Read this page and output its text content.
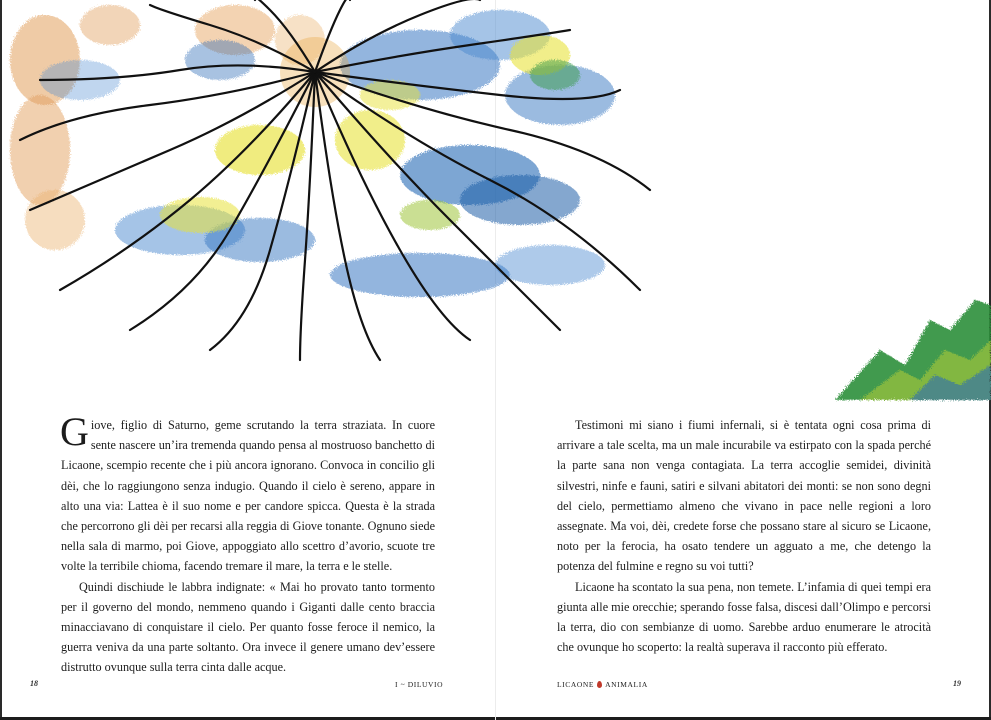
Giove, figlio di Saturno, geme scrutando la terra straziata. In cuore sente nascere un’ira tremenda quando pensa al mostruoso banchetto di Licaone, scempio recente che i più ancora ignorano. Convoca in concilio gli dèi, che lo raggiungono senza indugio. Quando il cielo è sereno, appare in alto una via: Lattea è il suo nome e per candore spicca. Questa è la strada che percorrono gli dèi per recarsi alla reggia di Giove tonante. Ognuno siede nella sala di marmo, poi Giove, appoggiato allo scettro d’avorio, scuote tre volte la terribile chioma, facendo tremare il mare, la terra e le stelle.

Quindi dischiude le labbra indignate: « Mai ho provato tanto tormento per il governo del mondo, nemmeno quando i Giganti dalle cento braccia minacciavano di conquistare il cielo. Per quanto fosse feroce il nemico, la guerra veniva da una parte soltanto. Ora invece il genere umano dev’essere distrutto ovunque sulla terra cinta dalle acque.

Testimoni mi siano i fiumi infernali, si è tentata ogni cosa prima di arrivare a tale scelta, ma un male incurabile va estirpato con la spada perché la parte sana non venga contagiata. La terra accoglie semidei, divinità silvestri, ninfe e fauni, satiri e silvani abitatori dei monti: se non sono degni del cielo, permettiamo almeno che vivano in pace nelle regioni a loro assegnate. Ma voi, dèi, credete forse che possano stare al sicuro se Licaone, noto per la ferocia, ha osato tendere un agguato a me, che detengo la potenza del fulmine e regno su voi tutti?

Licaone ha scontato la sua pena, non temete. L’infamia di quei tempi era giunta alle mie orecchie; sperando fosse falsa, discesi dall’Olimpo e percorsi la terra, dio con sembianze di uomo. Sarebbe arduo enumerare le atrocità che ovunque ho scoperto: la realtà superava il racconto più efferato.

18	I ~ DILUVIO	LICAONE ANIMALIA	19
